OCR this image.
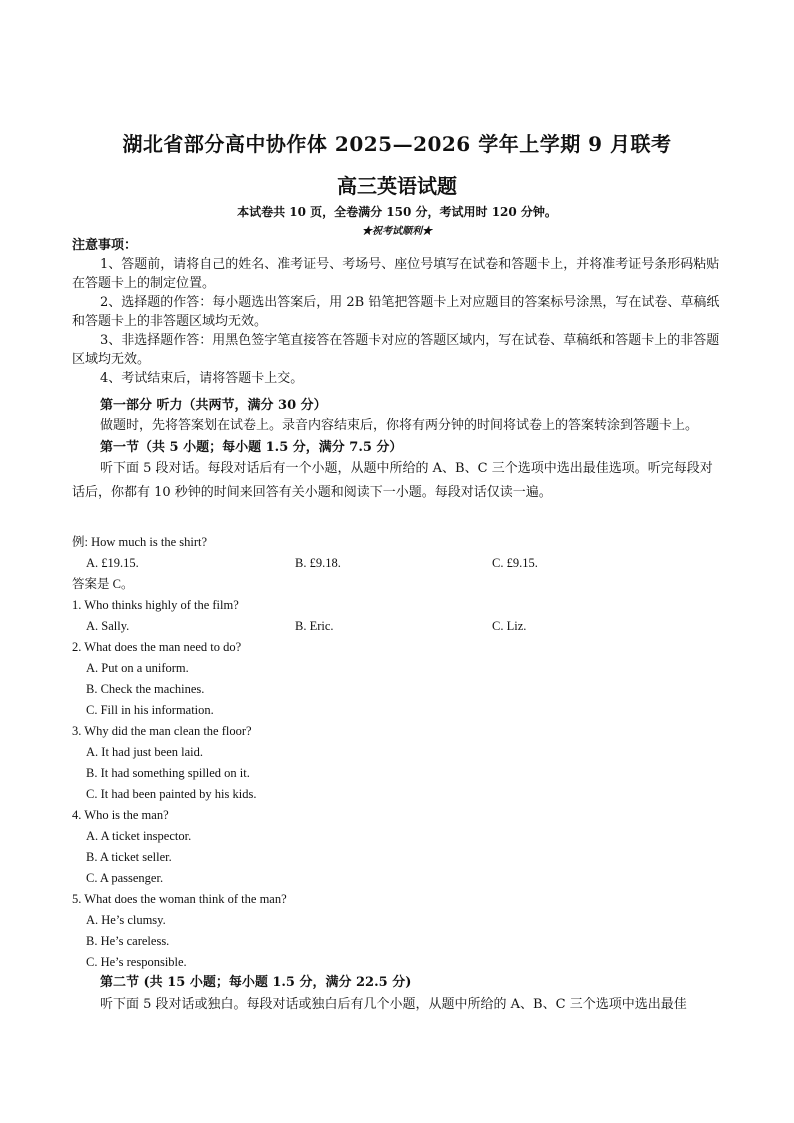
湖北省部分高中协作体 2025—2026 学年上学期 9 月联考
高三英语试题
本试卷共 10 页，全卷满分 150 分，考试用时 120 分钟。
★祝考试顺利★
注意事项：

1、答题前，请将自己的姓名、准考证号、考场号、座位号填写在试卷和答题卡上，并将准考证号条形码粘贴在答题卡上的制定位置。

2、选择题的作答：每小题选出答案后，用 2B 铅笔把答题卡上对应题目的答案标号涂黑，写在试卷、草稿纸和答题卡上的非答题区域均无效。

3、非选择题作答：用黑色签字笔直接答在答题卡对应的答题区域内，写在试卷、草稿纸和答题卡上的非答题区域均无效。

4、考试结束后，请将答题卡上交。

第一部分 听力（共两节，满分 30 分）

做题时，先将答案划在试卷上。录音内容结束后，你将有两分钟的时间将试卷上的答案转涂到答题卡上。

第一节（共 5 小题；每小题 1.5 分，满分 7.5 分）

听下面 5 段对话。每段对话后有一个小题，从题中所给的 A、B、C 三个选项中选出最佳选项。听完每段对话后，你都有 10 秒钟的时间来回答有关小题和阅读下一小题。每段对话仅读一遍。

例: How much is the shirt?
A. £19.15.	B. £9.18.	C. £9.15.
答案是 C。
1. Who thinks highly of the film?
A. Sally.	B. Eric.	C. Liz.
2. What does the man need to do?
A. Put on a uniform.
B. Check the machines.
C. Fill in his information.
3. Why did the man clean the floor?
A. It had just been laid.
B. It had something spilled on it.
C. It had been painted by his kids.
4. Who is the man?
A. A ticket inspector.
B. A ticket seller.
C. A passenger.
5. What does the woman think of the man?
A. He’s clumsy.
B. He’s careless.
C. He’s responsible.
第二节 (共 15 小题；每小题 1.5 分，满分 22.5 分)

听下面 5 段对话或独白。每段对话或独白后有几个小题，从题中所给的 A、B、C 三个选项中选出最佳
